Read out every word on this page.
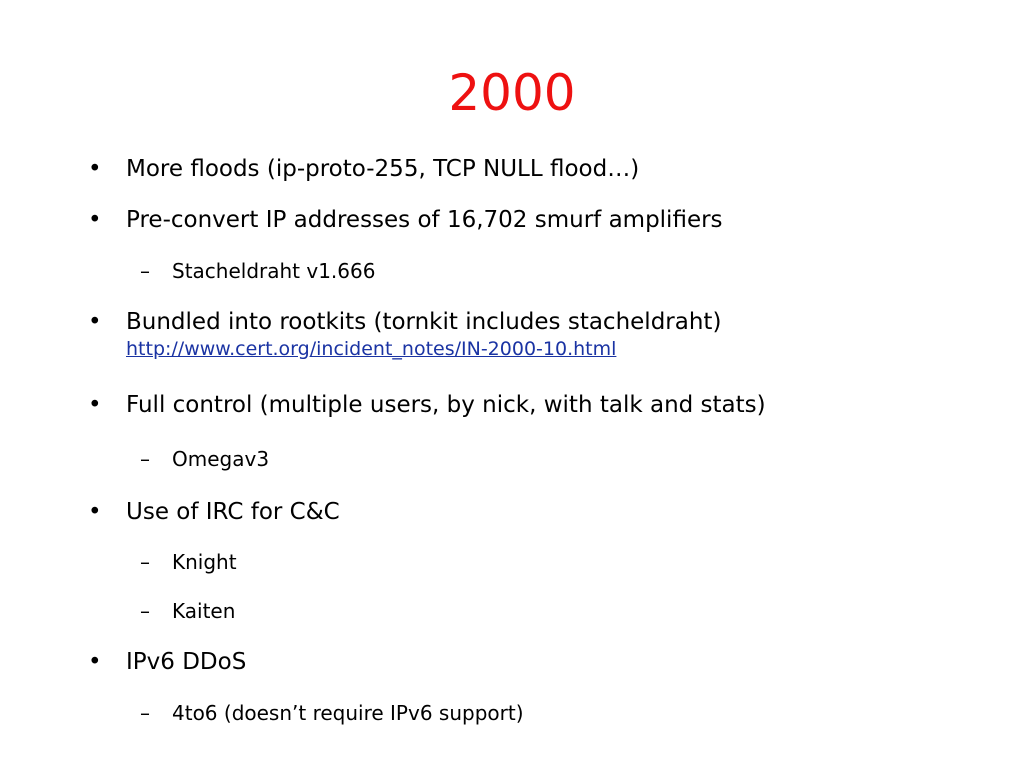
2000
• More floods (ip-proto-255, TCP NULL flood…)
• Pre-convert IP addresses of 16,702 smurf amplifiers
– Stacheldraht v1.666
• Bundled into rootkits (tornkit includes stacheldraht)
http://www.cert.org/incident_notes/IN-2000-10.html
• Full control (multiple users, by nick, with talk and stats)
– Omegav3
• Use of IRC for C&C
– Knight
– Kaiten
• IPv6 DDoS
– 4to6 (doesn’t require IPv6 support)
